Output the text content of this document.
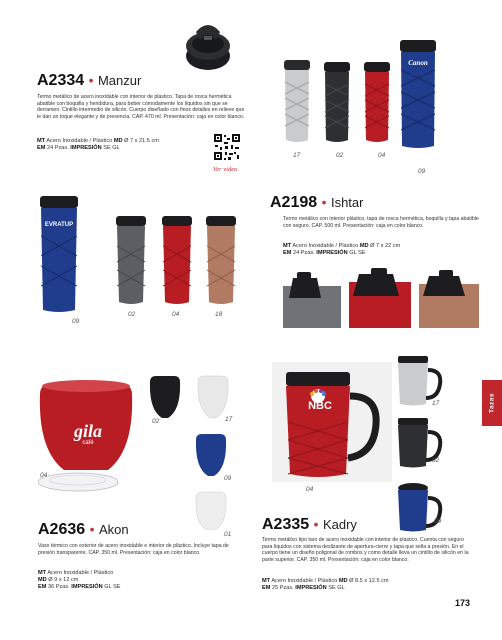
A2334 • Manzur
Termo metálico de acero inoxidable con interior de plástico. Tapa de rosca hermética abatible con boquilla y hendidura, para beber cómodamente los líquidos sin que se derramen. Cintillo intermedio de silicón. Cuerpo diseñado con finos detalles en relieve que le dan un toque elegante y de presencia. CAP. 470 ml. Presentación: caja en color blanco.
MT Acero Inoxidable / Plástico MD Ø 7 x 21.5 cm
EM 24 Pzas. IMPRESIÓN SE GL
Ver video
Canon
17	02	04
09
A2198 • Ishtar
Termo metálico con interior plástico, tapa de rosca hermética, boquilla y tapa abatible con seguro. CAP. 500 ml. Presentación: caja en color blanco.
MT Acero Inoxidable / Plástico MD Ø 7 x 22 cm
EM 24 Pzas. IMPRESIÓN GL SE
EVRATUP
09
02	04	18
gila
café
02	17
04	09
01
A2636 • Akon
Vaso térmico con exterior de acero inoxidable e interior de plástico. Incluye tapa de presión transparente. CAP. 350 ml. Presentación: caja en color blanco.
MT Acero Inoxidable / Plástico
MD Ø 9 x 12 cm
EM 36 Pzas. IMPRESIÓN GL SE
NBC
04
17
02
09
Tazas
A2335 • Kadry
Termo metálico tipo taro de acero inoxidable con interior de plástico. Cuenta con seguro para líquidos con sistema deslizante de apertura-cierre y tapa que sella a presión. En el cuerpo tiene un diseño poligonal de rombos y como detalle lleva un cintillo de silicón en la parte superior. CAP. 350 ml. Presentación: caja en color blanco.
MT Acero Inoxidable / Plástico MD Ø 8.5 x 12.5 cm
EM 25 Pzas. IMPRESIÓN SE GL
173
